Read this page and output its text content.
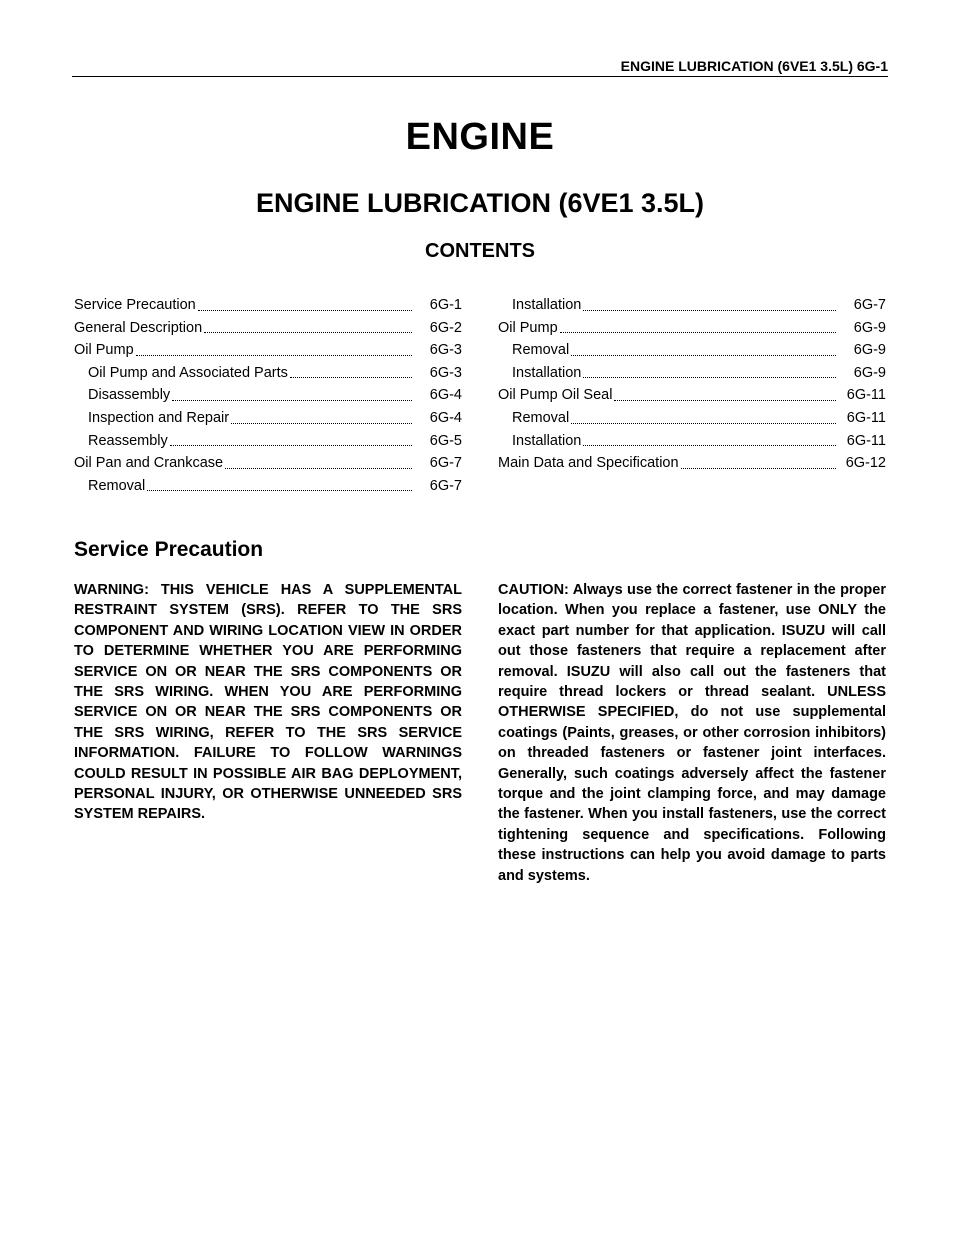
ENGINE LUBRICATION (6VE1 3.5L) 6G-1
ENGINE
ENGINE LUBRICATION (6VE1 3.5L)
CONTENTS
Service Precaution	6G-1
General Description	6G-2
Oil Pump	6G-3
Oil Pump and Associated Parts	6G-3
Disassembly	6G-4
Inspection and Repair	6G-4
Reassembly	6G-5
Oil Pan and Crankcase	6G-7
Removal	6G-7
Installation	6G-7
Oil Pump	6G-9
Removal	6G-9
Installation	6G-9
Oil Pump Oil Seal	6G-11
Removal	6G-11
Installation	6G-11
Main Data and Specification	6G-12
Service Precaution
WARNING: THIS VEHICLE HAS A SUPPLEMENTAL RESTRAINT SYSTEM (SRS). REFER TO THE SRS COMPONENT AND WIRING LOCATION VIEW IN ORDER TO DETERMINE WHETHER YOU ARE PERFORMING SERVICE ON OR NEAR THE SRS COMPONENTS OR THE SRS WIRING. WHEN YOU ARE PERFORMING SERVICE ON OR NEAR THE SRS COMPONENTS OR THE SRS WIRING, REFER TO THE SRS SERVICE INFORMATION. FAILURE TO FOLLOW WARNINGS COULD RESULT IN POSSIBLE AIR BAG DEPLOYMENT, PERSONAL INJURY, OR OTHERWISE UNNEEDED SRS SYSTEM REPAIRS.
CAUTION: Always use the correct fastener in the proper location. When you replace a fastener, use ONLY the exact part number for that application. ISUZU will call out those fasteners that require a replacement after removal. ISUZU will also call out the fasteners that require thread lockers or thread sealant. UNLESS OTHERWISE SPECIFIED, do not use supplemental coatings (Paints, greases, or other corrosion inhibitors) on threaded fasteners or fastener joint interfaces. Generally, such coatings adversely affect the fastener torque and the joint clamping force, and may damage the fastener. When you install fasteners, use the correct tightening sequence and specifications. Following these instructions can help you avoid damage to parts and systems.
